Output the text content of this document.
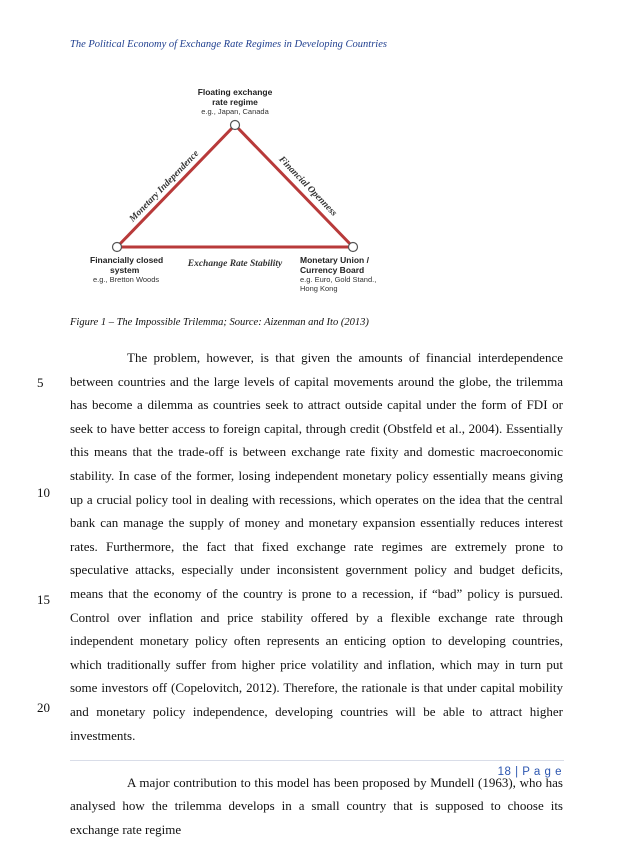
The Political Economy of Exchange Rate Regimes in Developing Countries
Floating exchange
rate regime
e.g., Japan, Canada
Financially closed
system
e.g., Bretton Woods
Monetary Union /
Currency Board
e.g. Euro, Gold Stand.,
Hong Kong
Monetary Independence	Financial Openness
Exchange Rate Stability
Figure 1 – The Impossible Trilemma; Source: Aizenman and Ito (2013)
5
10
15
20

The problem, however, is that given the amounts of financial interdependence between countries and the large levels of capital movements around the globe, the trilemma has become a dilemma as countries seek to attract outside capital under the form of FDI or seek to have better access to foreign capital, through credit (Obstfeld et al., 2004). Essentially this means that the trade-off is between exchange rate fixity and domestic macroeconomic stability. In case of the former, losing independent monetary policy essentially means giving up a crucial policy tool in dealing with recessions, which operates on the idea that the central bank can manage the supply of money and monetary expansion essentially reduces interest rates. Furthermore, the fact that fixed exchange rate regimes are extremely prone to speculative attacks, especially under inconsistent government policy and budget deficits, means that the economy of the country is prone to a recession, if “bad” policy is pursued. Control over inflation and price stability offered by a flexible exchange rate through independent monetary policy often represents an enticing option to developing countries, which traditionally suffer from higher price volatility and inflation, which may in turn put some investors off (Copelovitch, 2012). Therefore, the rationale is that under capital mobility and monetary policy independence, developing countries will be able to attract higher investments.

A major contribution to this model has been proposed by Mundell (1963), who has analysed how the trilemma develops in a small country that is supposed to choose its exchange rate regime

18 | P a g e
